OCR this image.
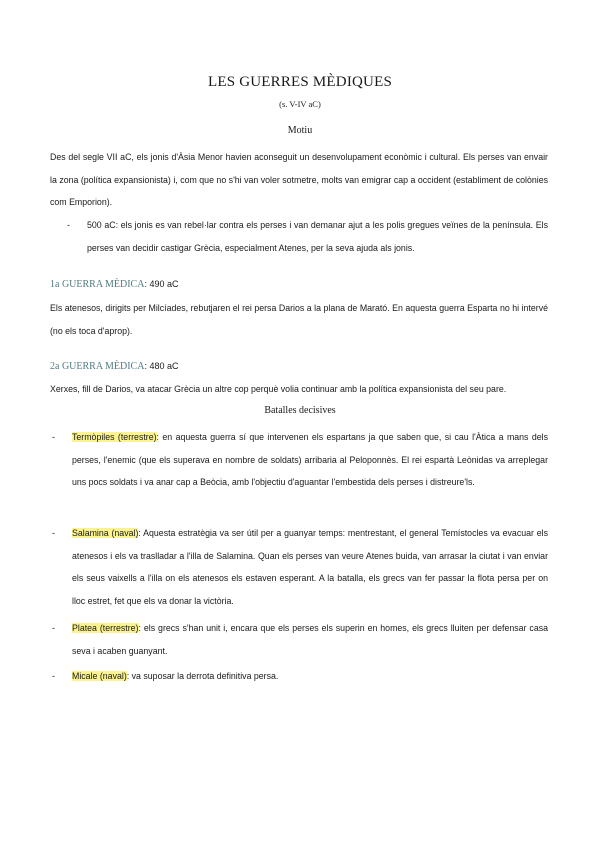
LES GUERRES MÈDIQUES
(s. V-IV aC)
Motiu
Des del segle VII aC, els jonis d'Àsia Menor havien aconseguit un desenvolupament econòmic i cultural. Els perses van envair la zona (política expansionista) i, com que no s'hi van voler sotmetre, molts van emigrar cap a occident (establiment de colònies com Emporion).
- 500 aC: els jonis es van rebel·lar contra els perses i van demanar ajut a les polis gregues veïnes de la península. Els perses van decidir castigar Grècia, especialment Atenes, per la seva ajuda als jonis.
1a GUERRA MÈDICA: 490 aC
Els atenesos, dirigits per Milcíades, rebutjaren el rei persa Darios a la plana de Marató. En aquesta guerra Esparta no hi intervé (no els toca d'aprop).
2a GUERRA MÈDICA: 480 aC
Xerxes, fill de Darios, va atacar Grècia un altre cop perquè volia continuar amb la política expansionista del seu pare.
Batalles decisives
- Termòpiles (terrestre): en aquesta guerra sí que intervenen els espartans ja que saben que, si cau l'Àtica a mans dels perses, l'enemic (que els superava en nombre de soldats) arribaria al Peloponnès. El rei espartà Leònidas va arreplegar uns pocs soldats i va anar cap a Beòcia, amb l'objectiu d'aguantar l'embestida dels perses i distreure'ls.
- Salamina (naval): Aquesta estratègia va ser útil per a guanyar temps: mentrestant, el general Temístocles va evacuar els atenesos i els va traslladar a l'illa de Salamina. Quan els perses van veure Atenes buida, van arrasar la ciutat i van enviar els seus vaixells a l'illa on els atenesos els estaven esperant. A la batalla, els grecs van fer passar la flota persa per on lloc estret, fet que els va donar la victòria.
- Platea (terrestre): els grecs s'han unit i, encara que els perses els superin en homes, els grecs lluiten per defensar casa seva i acaben guanyant.
- Micale (naval): va suposar la derrota definitiva persa.
